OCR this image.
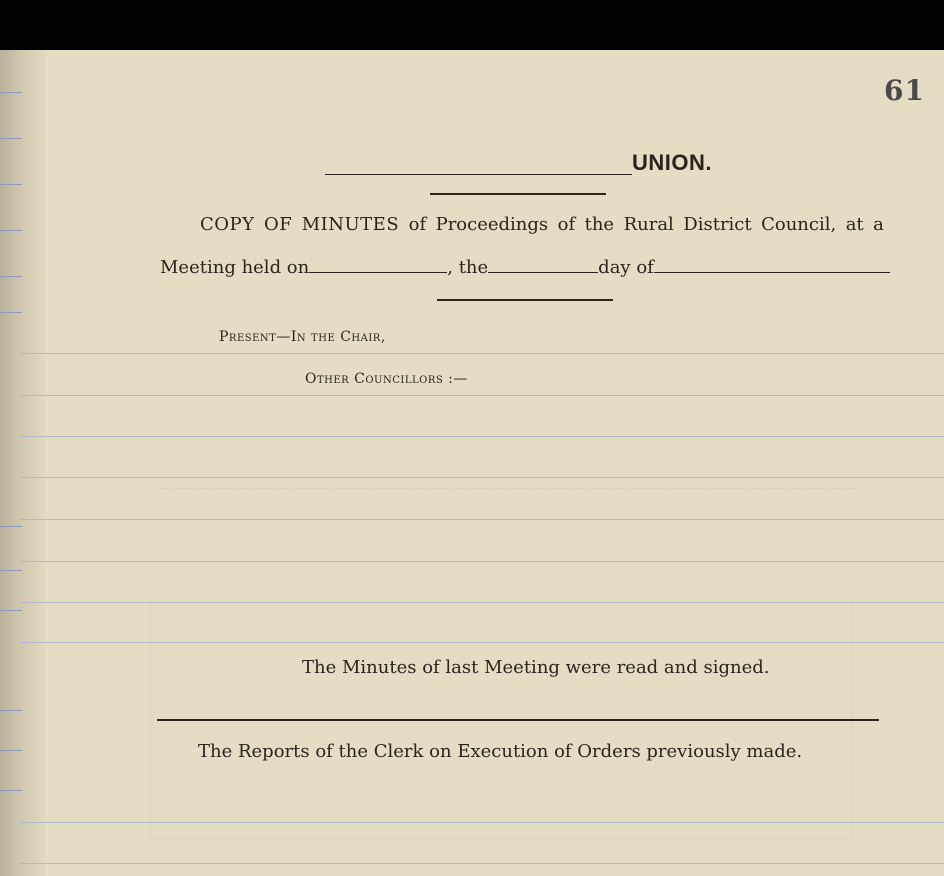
61
UNION.
COPY OF MINUTES of Proceedings of the Rural District Council, at a
Meeting held on	, the	day of
Present—In the Chair,
Other Councillors :—
The Minutes of last Meeting were read and signed.
The Reports of the Clerk on Execution of Orders previously made.
